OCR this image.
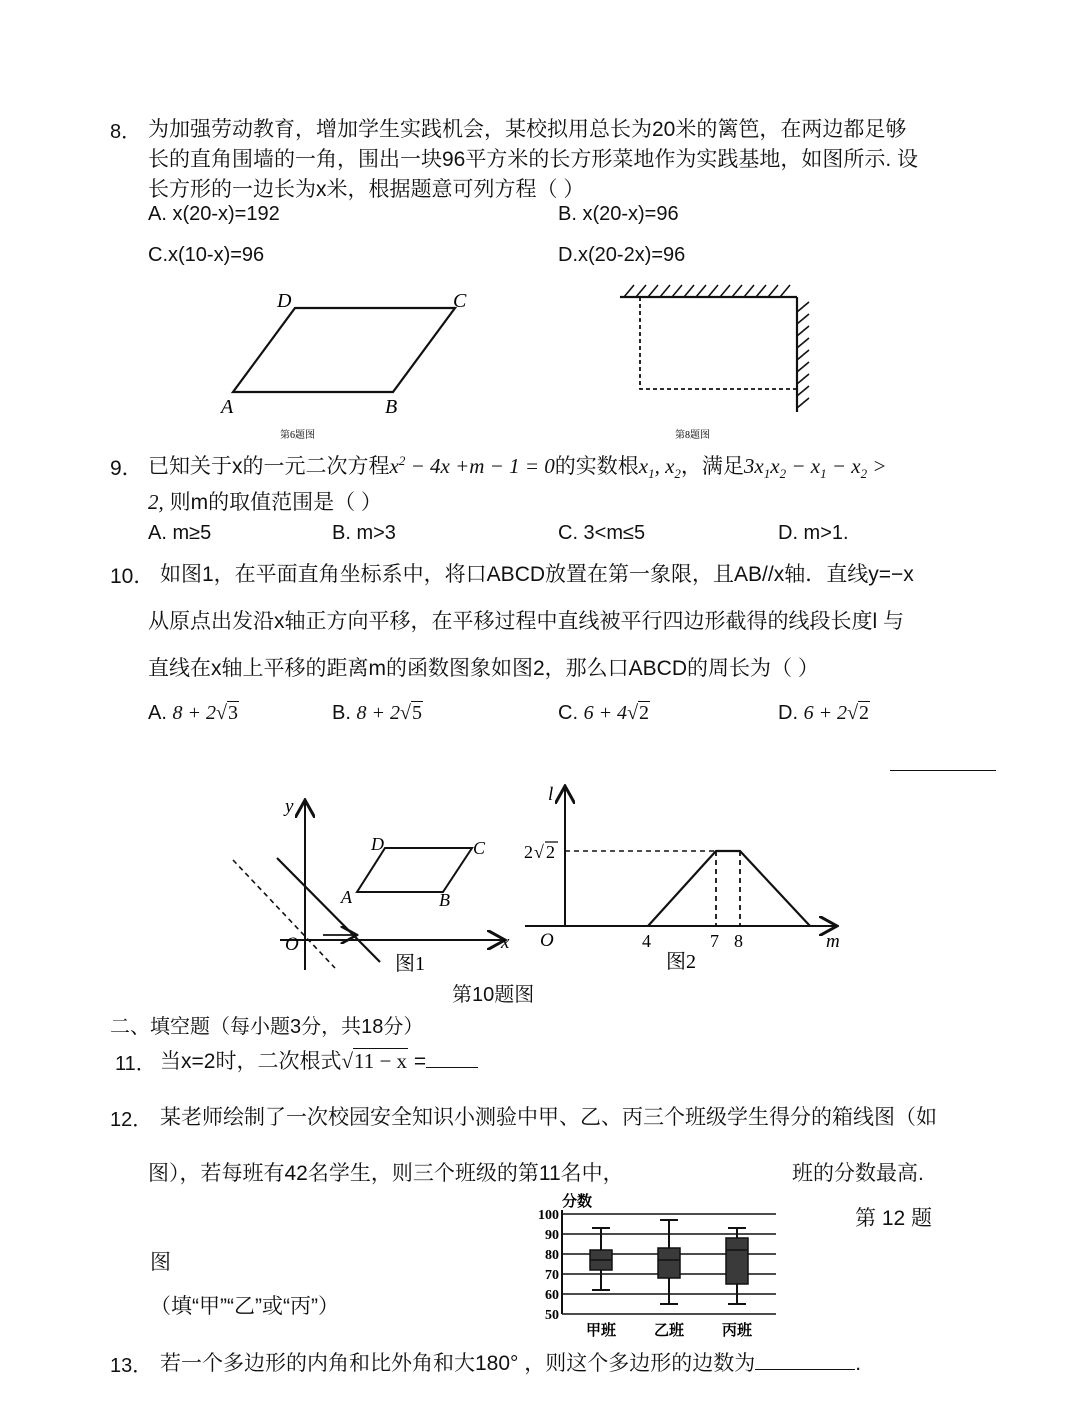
8． 为加强劳动教育，增加学生实践机会，某校拟用总长为20米的篱笆，在两边都足够
长的直角围墙的一角，围出一块96平方米的长方形菜地作为实践基地，如图所示. 设
长方形的一边长为x米，根据题意可列方程（ ）
A. x(20-x)=192	B. x(20-x)=96
C.x(10-x)=96	D.x(20-2x)=96
D	C
A	B
第6题图	第8题图
9． 已知关于x的一元二次方程$x^2 - 4x +m - 1 = 0$的实数根$x_1$, $x_2$，满足$3x_1x_2 - x_1 - x_2$ >
2, 则m的取值范围是（ ）
A. m≥5	B. m>3	C. 3<m≤5	D. m>1.
10． 如图1，在平面直角坐标系中，将口ABCD放置在第一象限，且AB//x轴．直线y=−x
从原点出发沿x轴正方向平移，在平移过程中直线被平行四边形截得的线段长度l 与
直线在x轴上平移的距离m的函数图象如图2，那么口ABCD的周长为（ ）
A. 8 + 2√3	B. 8 + 2√5	C. 6 + 4√2	D. 6 + 2√2
y
x
O
D	C
A	B
图1
l
O	m
2 √ 2
4	7 8
图2
第10题图
二、填空题（每小题3分，共18分）
11． 当x=2时，二次根式√11 − x =
12． 某老师绘制了一次校园安全知识小测验中甲、乙、丙三个班级学生得分的箱线图（如
图），若每班有42名学生，则三个班级的第11名中，	班的分数最高.
第 12 题
图
（填“甲”“乙”或“丙”）
分数
50
60
70
80
90
100
甲班	乙班	丙班
13． 若一个多边形的内角和比外角和大180° ，则这个多边形的边数为	.
